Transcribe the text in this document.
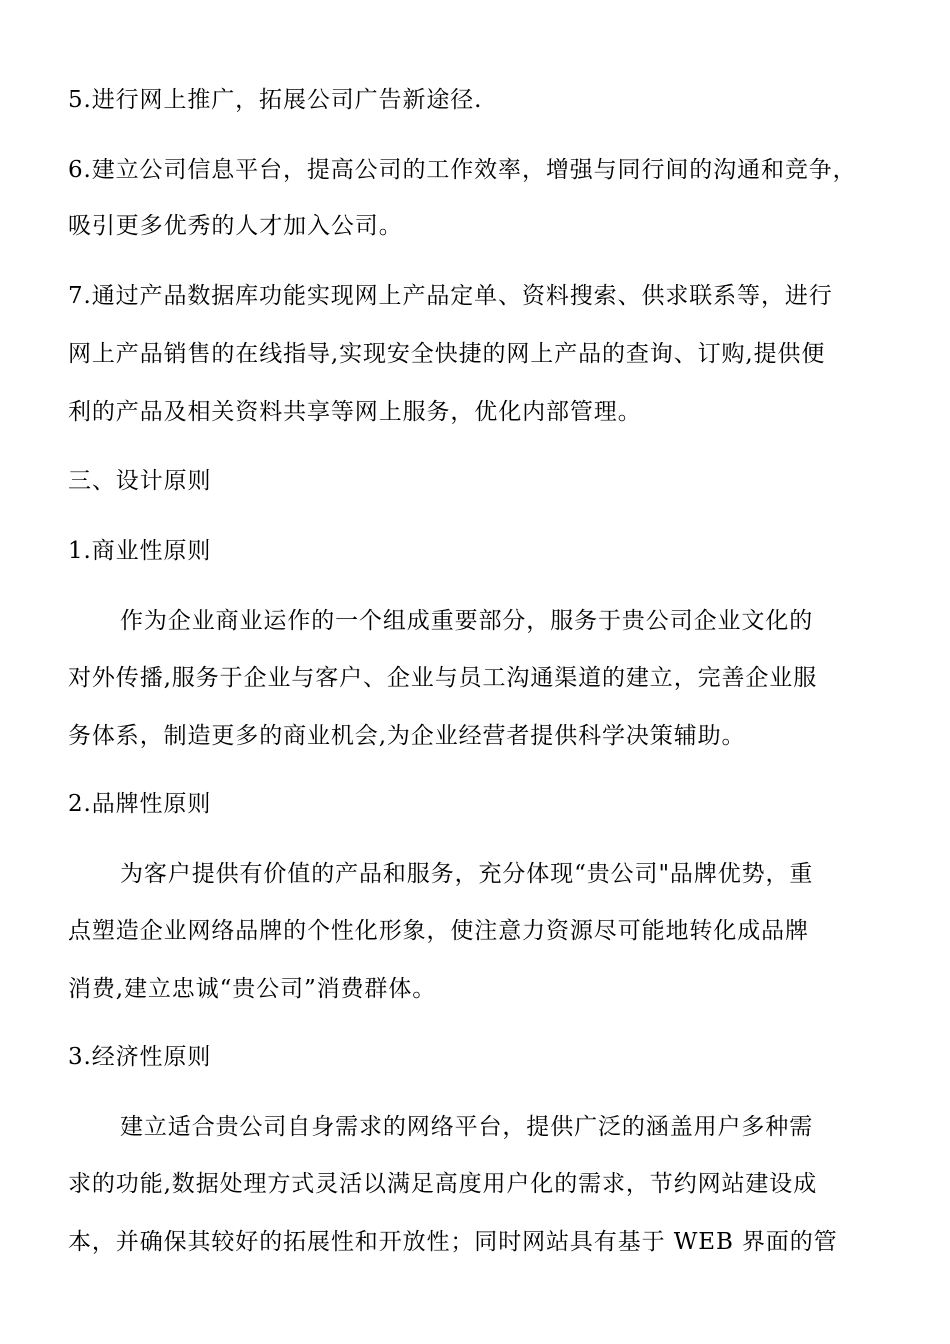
5.进行网上推广，拓展公司广告新途径.
6.建立公司信息平台，提高公司的工作效率，增强与同行间的沟通和竞争，
吸引更多优秀的人才加入公司。
7.通过产品数据库功能实现网上产品定单、资料搜索、供求联系等，进行
网上产品销售的在线指导,实现安全快捷的网上产品的查询、订购,提供便
利的产品及相关资料共享等网上服务，优化内部管理。
三、设计原则
1.商业性原则
作为企业商业运作的一个组成重要部分，服务于贵公司企业文化的
对外传播,服务于企业与客户、企业与员工沟通渠道的建立，完善企业服
务体系，制造更多的商业机会,为企业经营者提供科学决策辅助。
2.品牌性原则
为客户提供有价值的产品和服务，充分体现“贵公司"品牌优势，重
点塑造企业网络品牌的个性化形象，使注意力资源尽可能地转化成品牌
消费,建立忠诚“贵公司”消费群体。
3.经济性原则
建立适合贵公司自身需求的网络平台，提供广泛的涵盖用户多种需
求的功能,数据处理方式灵活以满足高度用户化的需求，节约网站建设成
本，并确保其较好的拓展性和开放性；同时网站具有基于 WEB 界面的管
